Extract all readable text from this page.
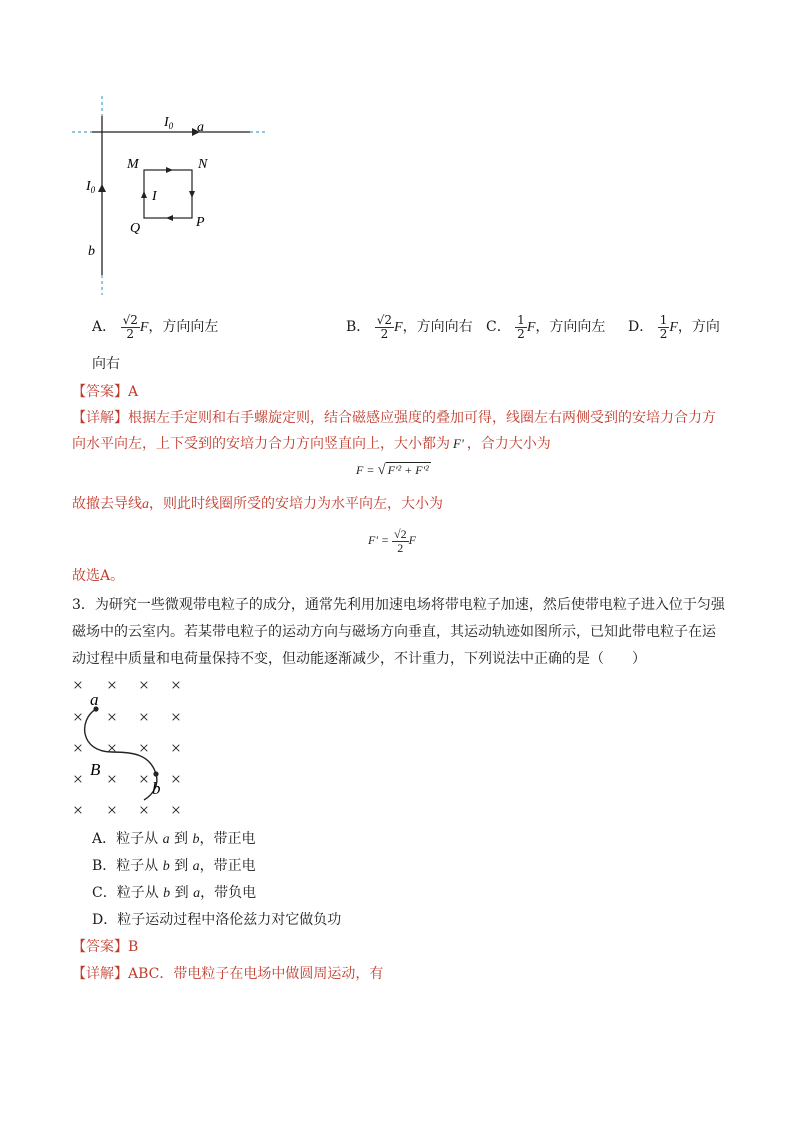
$I_0$ a
M	N
I
Q	P
$I_0$
b
A． $\frac{√2}{2}$ F，方向向左	B． $\frac{√2}{2}$ F，方向向右 C． $\frac{1}{2}$ F，方向向左 D． $\frac{1}{2}$ F，方向
向右
【答案】A
【详解】根据左手定则和右手螺旋定则，结合磁感应强度的叠加可得，线圈左右两侧受到的安培力合力方
向水平向左，上下受到的安培力合力方向竖直向上，大小都为 F' ，合力大小为
F = √ F'² + F'²
故撤去导线a，则此时线圈所受的安培力为水平向左，大小为
$F' = \frac{√2}{2}$ F
故选A。
3．为研究一些微观带电粒子的成分，通常先利用加速电场将带电粒子加速，然后使带电粒子进入位于匀强
磁场中的云室内。若某带电粒子的运动方向与磁场方向垂直，其运动轨迹如图所示，已知此带电粒子在运
动过程中质量和电荷量保持不变，但动能逐渐减少，不计重力，下列说法中正确的是（　　）
× × × ×
× × × ×
× × × ×
× × × ×
× × × ×
a
B
b
A．粒子从 a 到 b，带正电
B．粒子从 b 到 a，带正电
C．粒子从 b 到 a，带负电
D．粒子运动过程中洛伦兹力对它做负功
【答案】B
【详解】ABC．带电粒子在电场中做圆周运动，有
